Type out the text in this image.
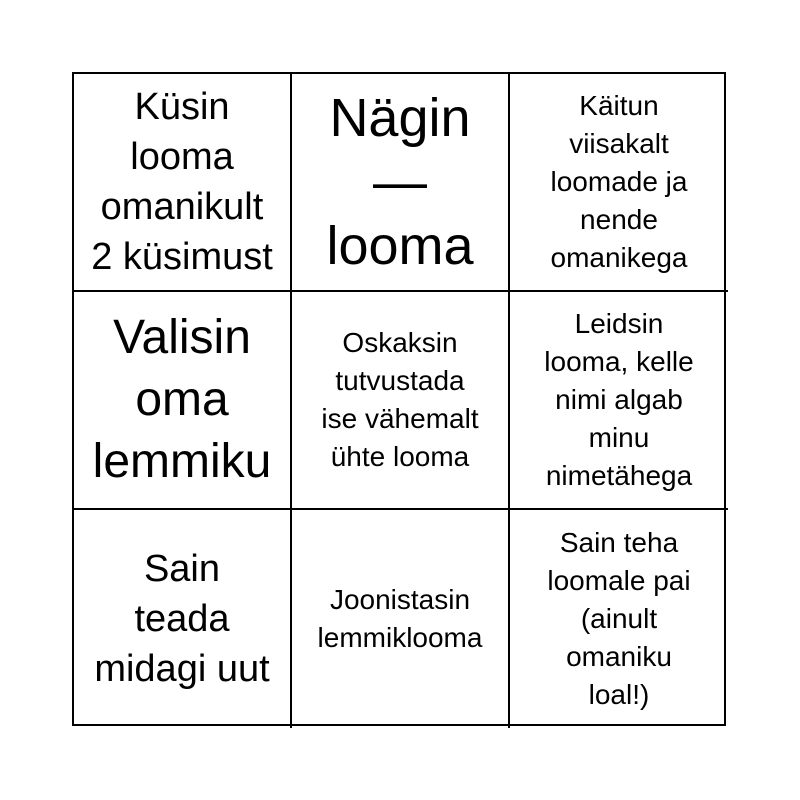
Küsin
looma
omanikult
2 küsimust
Nägin
—
looma
Käitun
viisakalt
loomade ja
nende
omanikega
Valisin
oma
lemmiku
Oskaksin
tutvustada
ise vähemalt
ühte looma
Leidsin
looma, kelle
nimi algab
minu
nimetähega
Sain
teada
midagi uut
Joonistasin
lemmiklooma
Sain teha
loomale pai
(ainult
omaniku
loal!)
